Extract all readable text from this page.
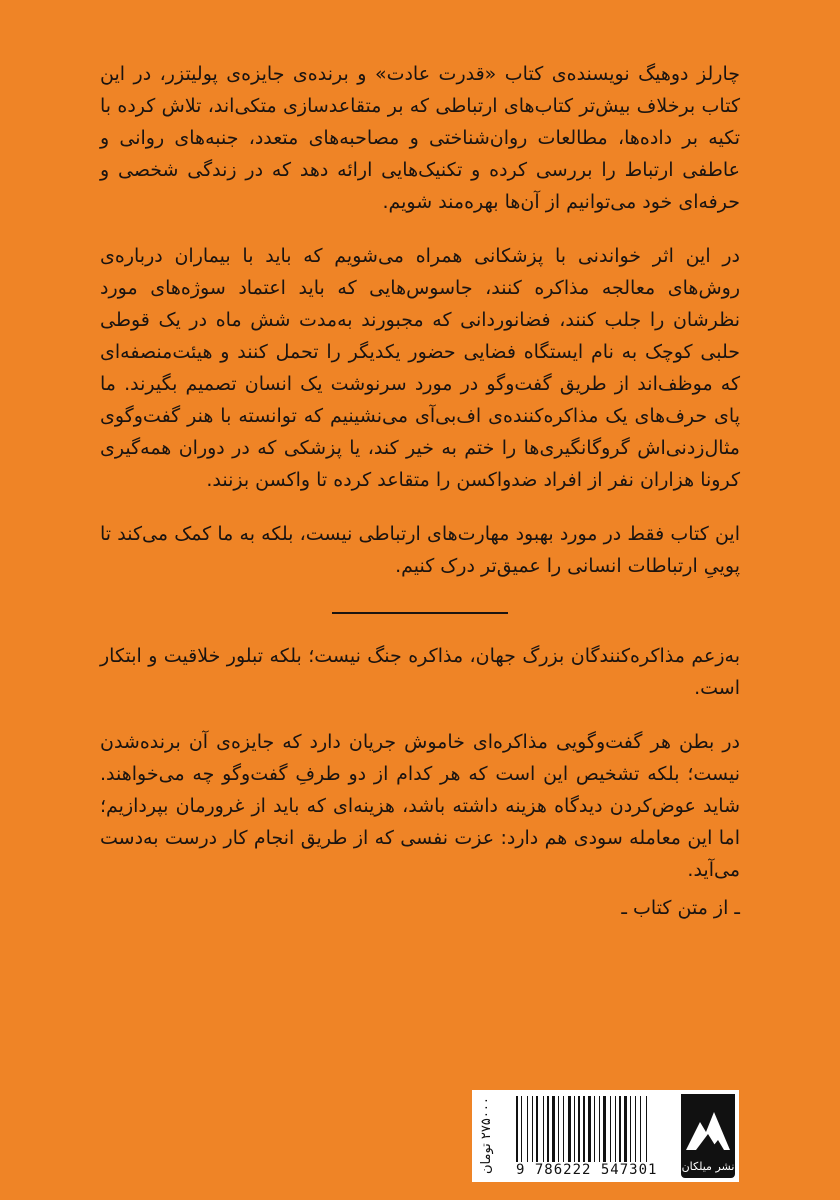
چارلز دوهیگ نویسنده‌ی کتاب «قدرت عادت» و برنده‌ی جایزه‌ی پولیتزر، در این کتاب برخلاف بیش‌تر کتاب‌های ارتباطی که بر متقاعدسازی متکی‌اند، تلاش کرده با تکیه بر داده‌ها، مطالعات روان‌شناختی و مصاحبه‌های متعدد، جنبه‌های روانی و عاطفی ارتباط را بررسی کرده و تکنیک‌هایی ارائه دهد که در زندگی شخصی و حرفه‌ای خود می‌توانیم از آن‌ها بهره‌مند شویم.

در این اثر خواندنی با پزشکانی همراه می‌شویم که باید با بیماران درباره‌ی روش‌های معالجه مذاکره کنند، جاسوس‌هایی که باید اعتماد سوژه‌های مورد نظرشان را جلب کنند، فضانوردانی که مجبورند به‌مدت شش ماه در یک قوطی حلبی کوچک به نام ایستگاه فضایی حضور یکدیگر را تحمل کنند و هیئت‌منصفه‌ای که موظف‌اند از طریق گفت‌وگو در مورد سرنوشت یک انسان تصمیم بگیرند. ما پای حرف‌های یک مذاکره‌کننده‌ی اف‌بی‌آی می‌نشینیم که توانسته با هنر گفت‌وگوی مثال‌زدنی‌اش گروگانگیری‌ها را ختم به خیر کند، یا پزشکی که در دوران همه‌گیری کرونا هزاران نفر از افراد ضدواکسن را متقاعد کرده تا واکسن بزنند.

این کتاب فقط در مورد بهبود مهارت‌های ارتباطی نیست، بلکه به ما کمک می‌کند تا پوییِ ارتباطات انسانی را عمیق‌تر درک کنیم.

به‌زعم مذاکره‌کنندگان بزرگ جهان، مذاکره جنگ نیست؛ بلکه تبلور خلاقیت و ابتکار است.

در بطن هر گفت‌وگویی مذاکره‌ای خاموش جریان دارد که جایزه‌ی آن برنده‌شدن نیست؛ بلکه تشخیص این است که هر کدام از دو طرفِ گفت‌وگو چه می‌خواهند. شاید عوض‌کردن دیدگاه هزینه داشته باشد، هزینه‌ای که باید از غرورمان بپردازیم؛ اما این معامله سودی هم دارد: عزت نفسی که از طریق انجام کار درست به‌دست می‌آید.

ـ از متن کتاب ـ

۲۷۵۰۰۰ تومان
9 786222 547301	نشر میلکان
